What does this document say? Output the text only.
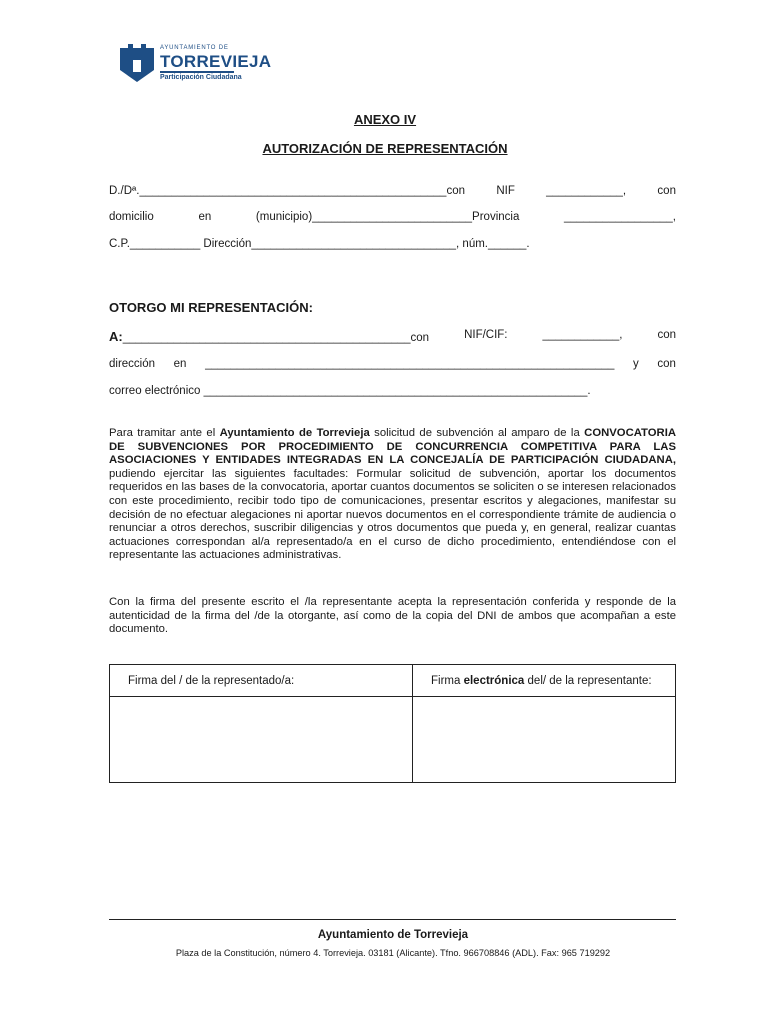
AYUNTAMIENTO DE
TORREVIEJA
Participación Ciudadana
ANEXO IV
AUTORIZACIÓN DE REPRESENTACIÓN
D./Dª.________________________________________________con	NIF	____________,	con
domicilio	en	(municipio)_________________________Provincia	_________________,
C.P.___________ Dirección________________________________, núm.______.
OTORGO MI REPRESENTACIÓN:
A:_____________________________________________con	NIF/CIF:	____________,	con
dirección en ________________________________________________________________ y con
correo electrónico ____________________________________________________________.
Para tramitar ante el Ayuntamiento de Torrevieja solicitud de subvención al amparo de la CONVOCATORIA DE SUBVENCIONES POR PROCEDIMIENTO DE CONCURRENCIA COMPETITIVA PARA LAS ASOCIACIONES Y ENTIDADES INTEGRADAS EN LA CONCEJALÍA DE PARTICIPACIÓN CIUDADANA, pudiendo ejercitar las siguientes facultades: Formular solicitud de subvención, aportar los documentos requeridos en las bases de la convocatoria, aportar cuantos documentos se soliciten o se interesen relacionados con este procedimiento, recibir todo tipo de comunicaciones, presentar escritos y alegaciones, manifestar su decisión de no efectuar alegaciones ni aportar nuevos documentos en el correspondiente trámite de audiencia o renunciar a otros derechos, suscribir diligencias y otros documentos que pueda y, en general, realizar cuantas actuaciones correspondan al/a representado/a en el curso de dicho procedimiento, entendiéndose con el representante las actuaciones administrativas.
Con la firma del presente escrito el /la representante acepta la representación conferida y responde de la autenticidad de la firma del /de la otorgante, así como de la copia del DNI de ambos que acompañan a este documento.
Firma del / de la representado/a:	Firma electrónica del/ de la representante:

Ayuntamiento de Torrevieja
Plaza de la Constitución, número 4. Torrevieja. 03181 (Alicante). Tfno. 966708846 (ADL). Fax: 965 719292
